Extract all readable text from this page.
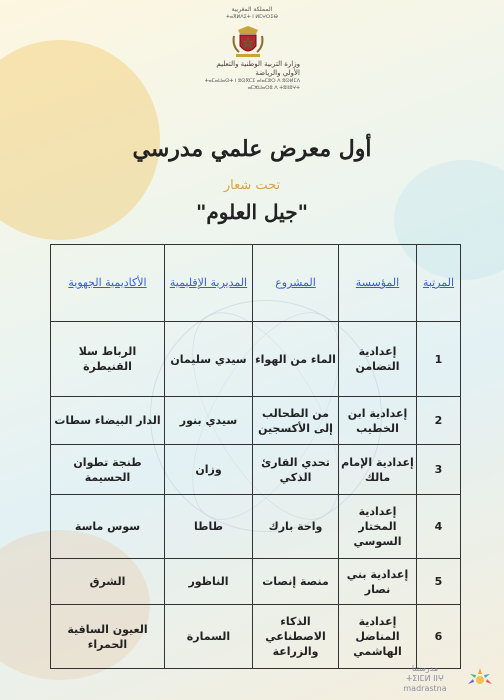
المملكة المغربية
ⵜⴰⴳⵍⴷⵉⵜ ⵏ ⵍⵎⵖⵔⵉⴱ
وزارة التربية الوطنية والتعليم الأولي والرياضة
ⵜⴰⵎⴰⵡⴰⵙⵜ ⵏ ⵓⵙⴳⵎⵉ ⴰⵏⴰⵎⵓⵔ ⴷ ⵓⵙⵍⵎⴷ ⴰⵎⵣⵡⴰⵔⵓ ⴷ ⵜⵓⵏⵏⵓⵖⵜ
أول معرض علمي مدرسي
تحت شعار
"جيل العلوم"
المرتبة	المؤسسة	المشروع	المديرية الإقليمية	الأكاديمية الجهوية
1	إعدادية التضامن	الماء من الهواء	سيدي سليمان	الرباط سلا القنيطرة
2	إعدادية ابن الخطيب	من الطحالب إلى الأكسجين	سيدي بنور	الدار البيضاء سطات
3	إعدادية الإمام مالك	تحدي القارئ الذكي	وزان	طنجة تطوان الحسيمة
4	إعدادية المختار السوسي	واحة بارك	طاطا	سوس ماسة
5	إعدادية بني نصار	منصة إنصات	الناظور	الشرق
6	إعدادية المناضل الهاشمي	الذكاء الاصطناعي والزراعة	السمارة	العيون الساقية الحمراء
مدرستنا
ⵜⵉⵏⵎⵍ ⵏⵏⵖ
madrastna
